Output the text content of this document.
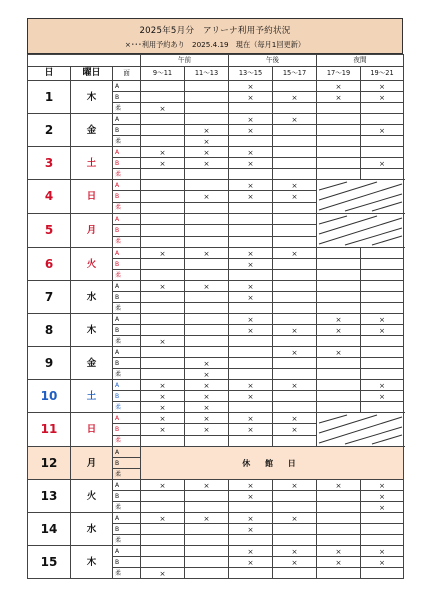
2025年5月分　アリーナ利用予約状況
×･･･利用予約あり　2025.4.19　現在（毎月1回更新）
			午前		午後		夜間		
日	曜日	面	9～11	11～13	13～15	15～17	17～19	19～21	
1	木	A			×		×	×	
		B			×	×	×	×	
		柔	×						
2	金	A			×	×			
		B		×	×			×	
		柔		×					
3	土	A	×	×	×				
		B	×	×	×			×	
		柔							
4	日	A			×	×	

		B		×	×	×			
		柔							
5	月	A					

		B							
		柔							
6	火	A	×	×	×	×			
		B			×				
		柔							
7	水	A	×	×	×				
		B			×				
		柔							
8	木	A			×		×	×	
		B			×	×	×	×	
		柔	×						
9	金	A				×	×		
		B		×					
		柔		×					
10	土	A	×	×	×	×		×	
		B	×	×	×			×	
		柔	×	×					
11	日	A	×	×	×	×	

		B	×	×	×	×			
		柔							
12	月	A	休 館 日						
		B							
		柔							
13	火	A	×	×	×	×	×	×	
		B			×			×	
		柔						×	
14	水	A	×	×	×	×			
		B			×				
		柔							
15	木	A			×	×	×	×	
		B			×	×	×	×	
		柔	×						
